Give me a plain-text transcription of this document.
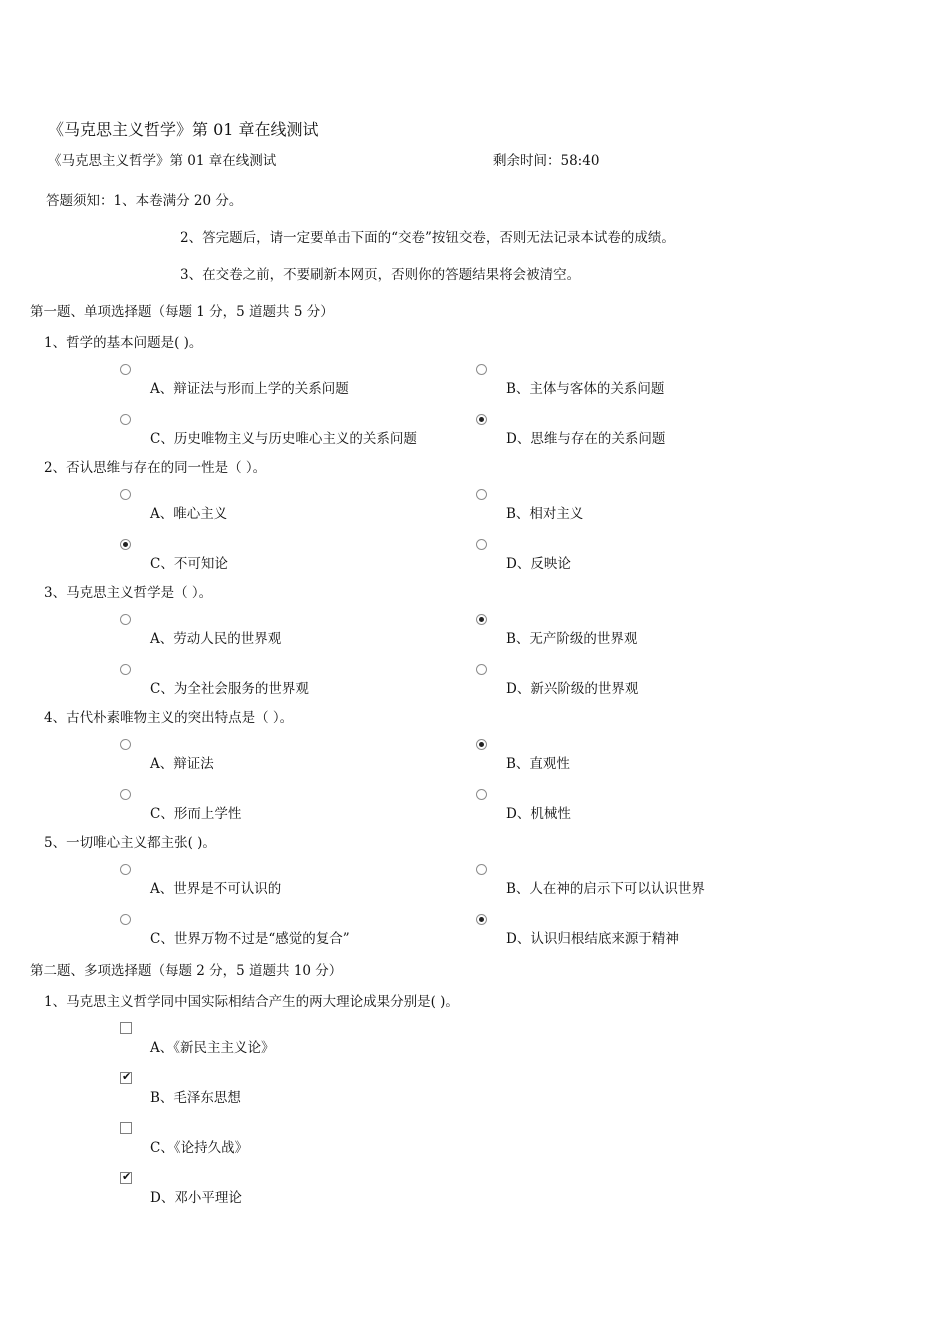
《马克思主义哲学》第 01 章在线测试
《马克思主义哲学》第 01 章在线测试	剩余时间：58:40
答题须知：1、本卷满分 20 分。
2、答完题后，请一定要单击下面的“交卷”按钮交卷，否则无法记录本试卷的成绩。
3、在交卷之前，不要刷新本网页，否则你的答题结果将会被清空。
第一题、单项选择题（每题 1 分，5 道题共 5 分）
1、哲学的基本问题是( )。
A、辩证法与形而上学的关系问题	B、主体与客体的关系问题
C、历史唯物主义与历史唯心主义的关系问题	D、思维与存在的关系问题
2、否认思维与存在的同一性是（ ）。
A、唯心主义	B、相对主义
C、不可知论	D、反映论
3、马克思主义哲学是（ ）。
A、劳动人民的世界观	B、无产阶级的世界观
C、为全社会服务的世界观	D、新兴阶级的世界观
4、古代朴素唯物主义的突出特点是（ ）。
A、辩证法	B、直观性
C、形而上学性	D、机械性
5、一切唯心主义都主张( )。
A、世界是不可认识的	B、人在神的启示下可以认识世界
C、世界万物不过是“感觉的复合”	D、认识归根结底来源于精神
第二题、多项选择题（每题 2 分，5 道题共 10 分）
1、马克思主义哲学同中国实际相结合产生的两大理论成果分别是( )。
A、《新民主主义论》
✔
B、毛泽东思想
C、《论持久战》
✔
D、邓小平理论
